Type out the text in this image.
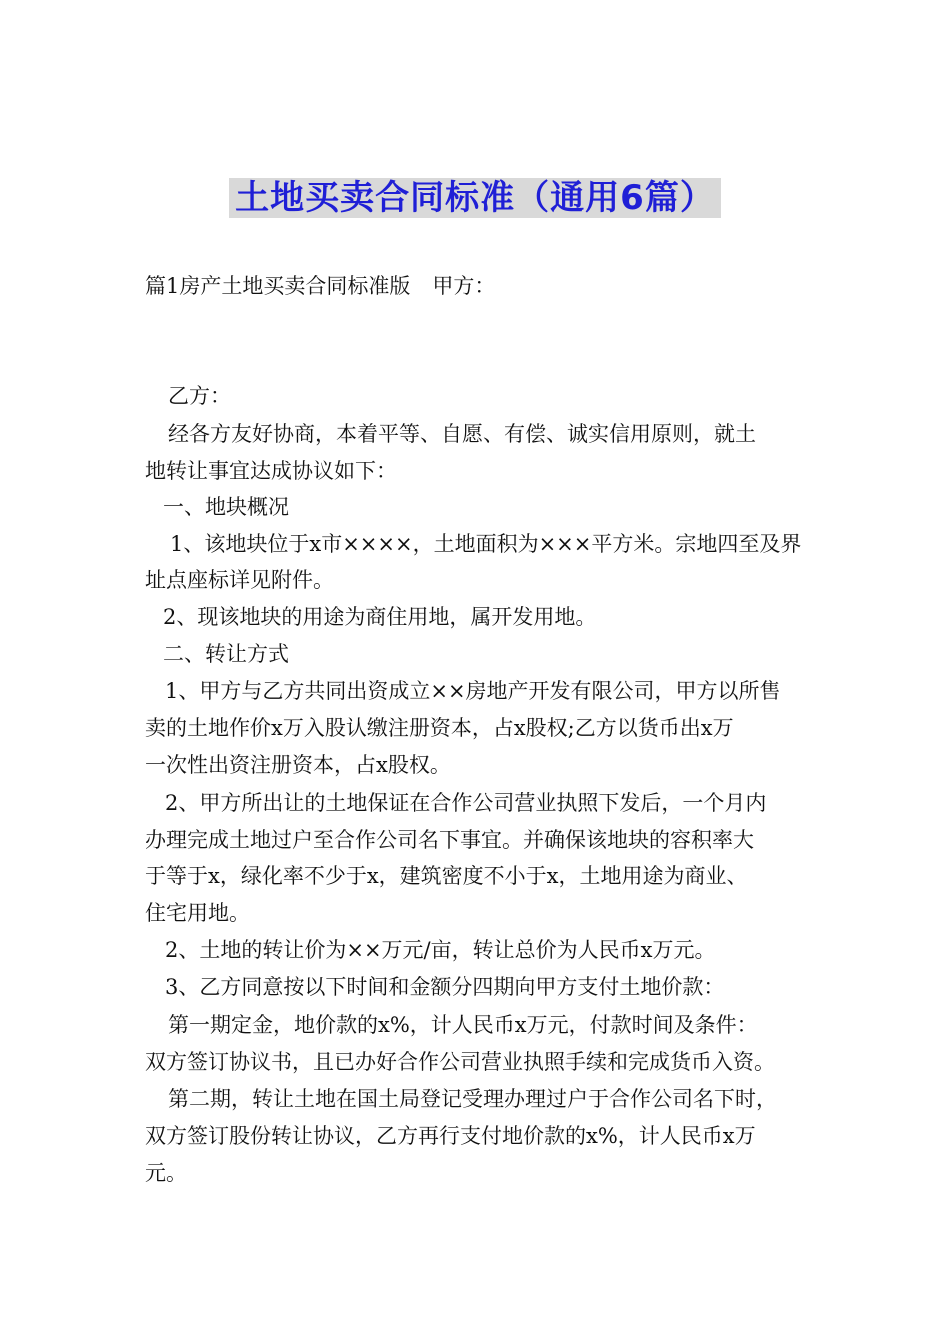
土地买卖合同标准（通用6篇）
篇1房产土地买卖合同标准版 甲方：
乙方：
经各方友好协商，本着平等、自愿、有偿、诚实信用原则，就土
地转让事宜达成协议如下：
一、地块概况
1、该地块位于x市××××，土地面积为×××平方米。宗地四至及界
址点座标详见附件。
2、现该地块的用途为商住用地，属开发用地。
二、转让方式
1、甲方与乙方共同出资成立××房地产开发有限公司，甲方以所售
卖的土地作价x万入股认缴注册资本，占x股权;乙方以货币出x万
一次性出资注册资本，占x股权。
2、甲方所出让的土地保证在合作公司营业执照下发后，一个月内
办理完成土地过户至合作公司名下事宜。并确保该地块的容积率大
于等于x，绿化率不少于x，建筑密度不小于x，土地用途为商业、
住宅用地。
2、土地的转让价为××万元/亩，转让总价为人民币x万元。
3、乙方同意按以下时间和金额分四期向甲方支付土地价款：
第一期定金，地价款的x%，计人民币x万元，付款时间及条件：
双方签订协议书，且已办好合作公司营业执照手续和完成货币入资。
第二期，转让土地在国土局登记受理办理过户于合作公司名下时，
双方签订股份转让协议，乙方再行支付地价款的x%，计人民币x万
元。
